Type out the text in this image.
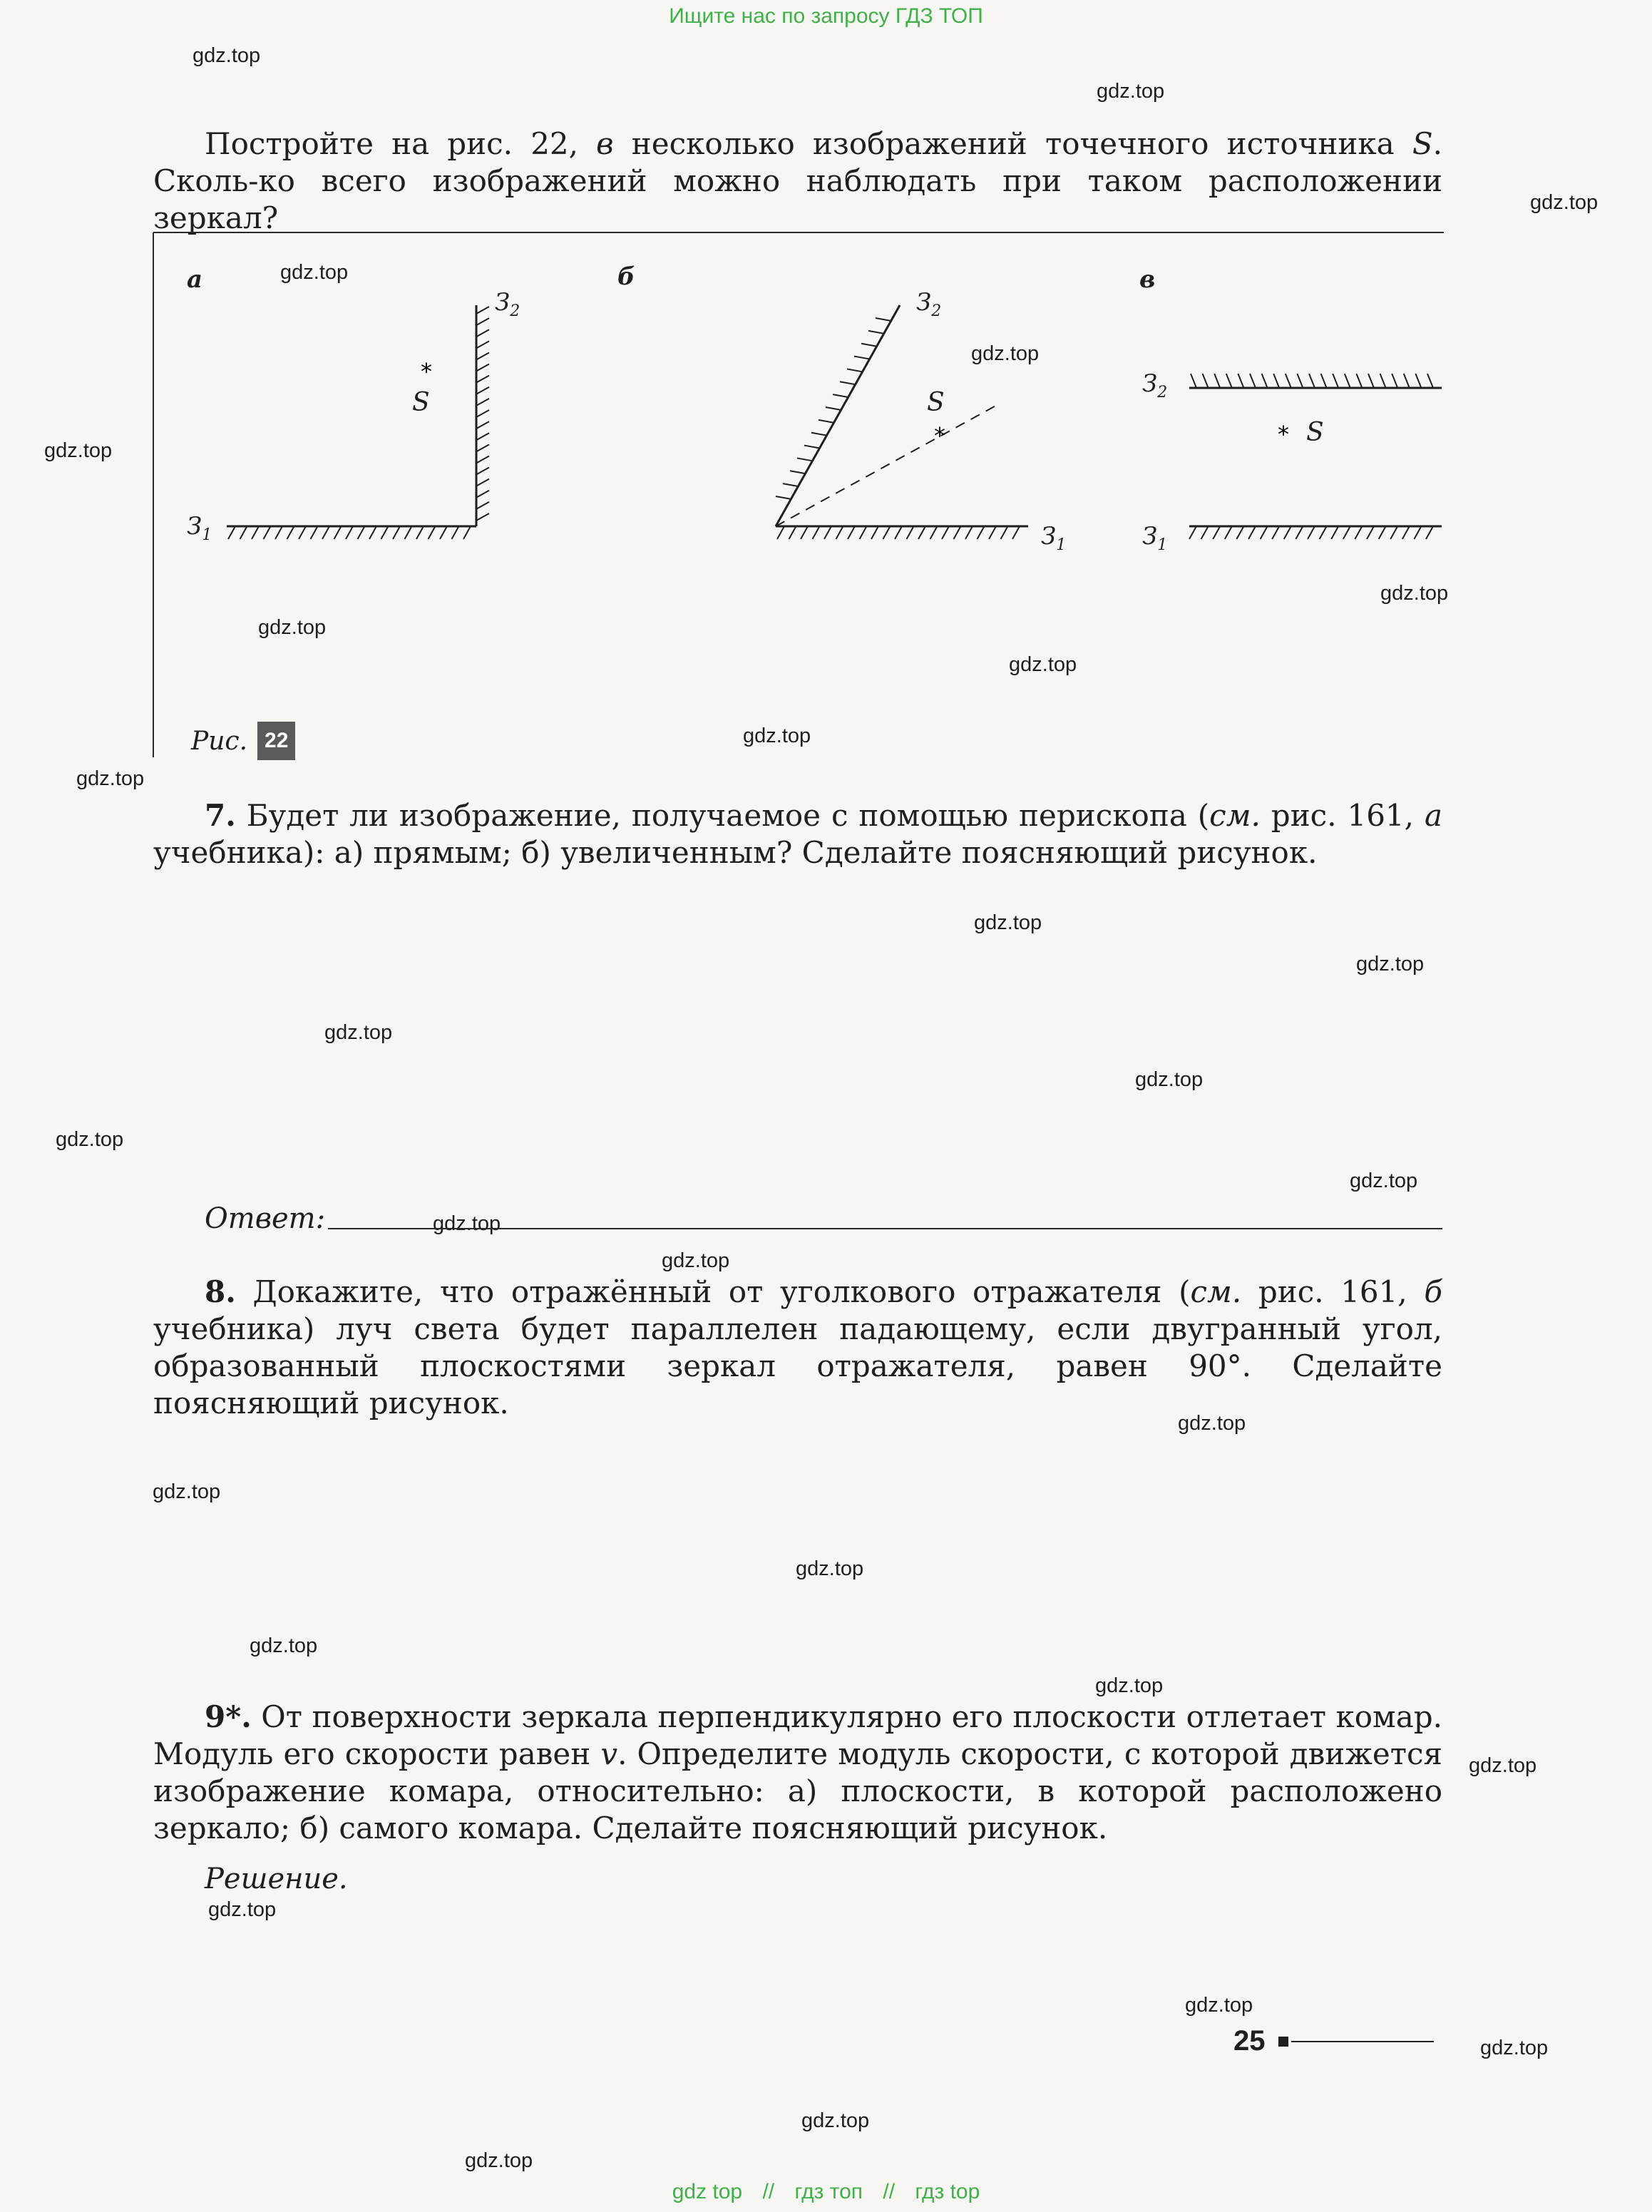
Ищите нас по запросу ГДЗ ТОП
gdz.top
gdz.top
gdz.top
gdz.top
gdz.top
gdz.top
gdz.top
gdz.top
gdz.top
gdz.top
gdz.top
gdz.top
gdz.top
gdz.top
gdz.top
gdz.top
gdz.top
gdz.top
gdz.top
gdz.top
gdz.top
gdz.top
gdz.top
gdz.top
gdz.top
gdz.top
gdz.top
gdz.top
gdz.top
gdz.top
Постройте на рис. 22, в несколько изображений точечного источника S. Сколь-ко всего изображений можно наблюдать при таком расположении зеркал?
*
*	*
а	б	в
$З_1$
$З_2$
S
$З_2$
$З_1$
S
$З_2$
$З_1$
S
Рис. 22
7. Будет ли изображение, получаемое с помощью перископа (см. рис. 161, а учебника): а) прямым; б) увеличенным? Сделайте поясняющий рисунок.
Ответ:
8. Докажите, что отражённый от уголкового отражателя (см. рис. 161, б учебника) луч света будет параллелен падающему, если двугранный угол, образованный плоскостями зеркал отражателя, равен 90°. Сделайте поясняющий рисунок.
9*. От поверхности зеркала перпендикулярно его плоскости отлетает комар. Модуль его скорости равен v. Определите модуль скорости, с которой движется изображение комара, относительно: а) плоскости, в которой расположено зеркало; б) самого комара. Сделайте поясняющий рисунок.
Решение.
25
gdz top // гдз топ // гдз top
